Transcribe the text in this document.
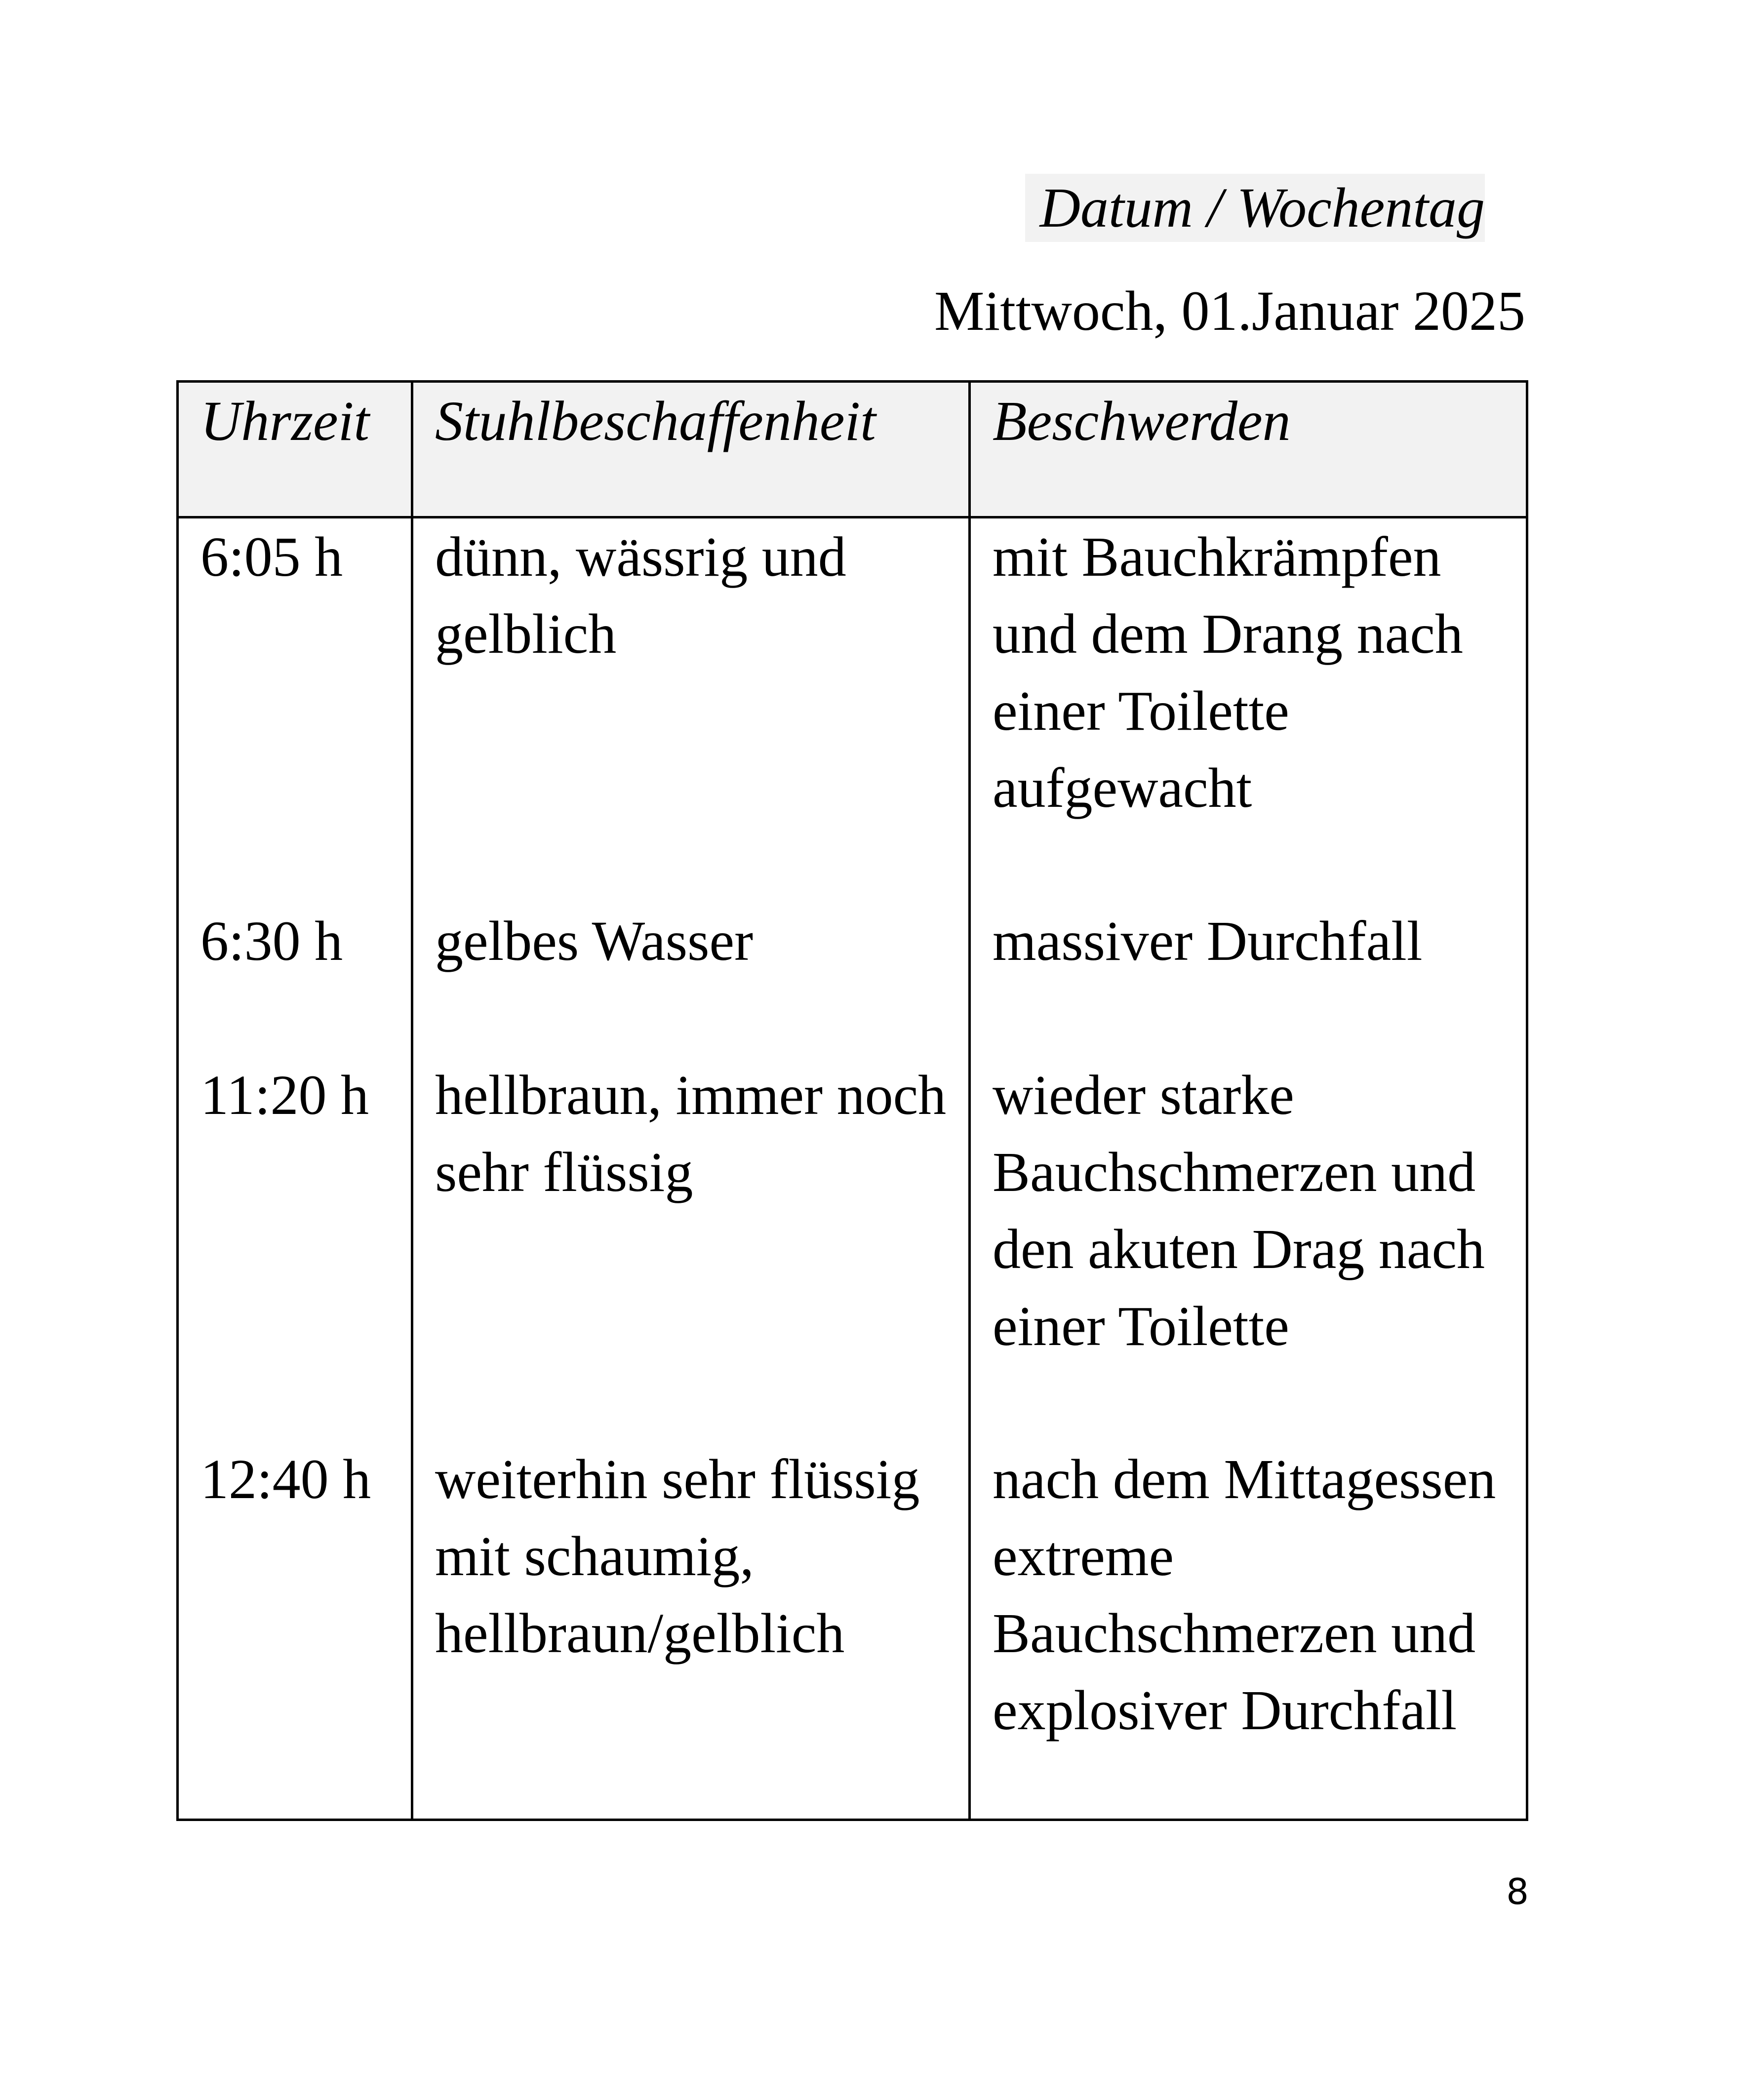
Datum / Wochentag
Mittwoch, 01.Januar 2025
Uhrzeit	Stuhlbeschaffenheit	Beschwerden
6:05 h	dünn, wässrig und gelblich	mit Bauchkrämpfen und dem Drang nach einer Toilette aufgewacht
6:30 h	gelbes Wasser	massiver Durchfall
11:20 h	hellbraun, immer noch sehr flüssig	wieder starke Bauchschmerzen und den akuten Drag nach einer Toilette
12:40 h	weiterhin sehr flüssig mit schaumig, hellbraun/gelblich	nach dem Mittagessen extreme Bauchschmerzen und explosiver Durchfall
8
